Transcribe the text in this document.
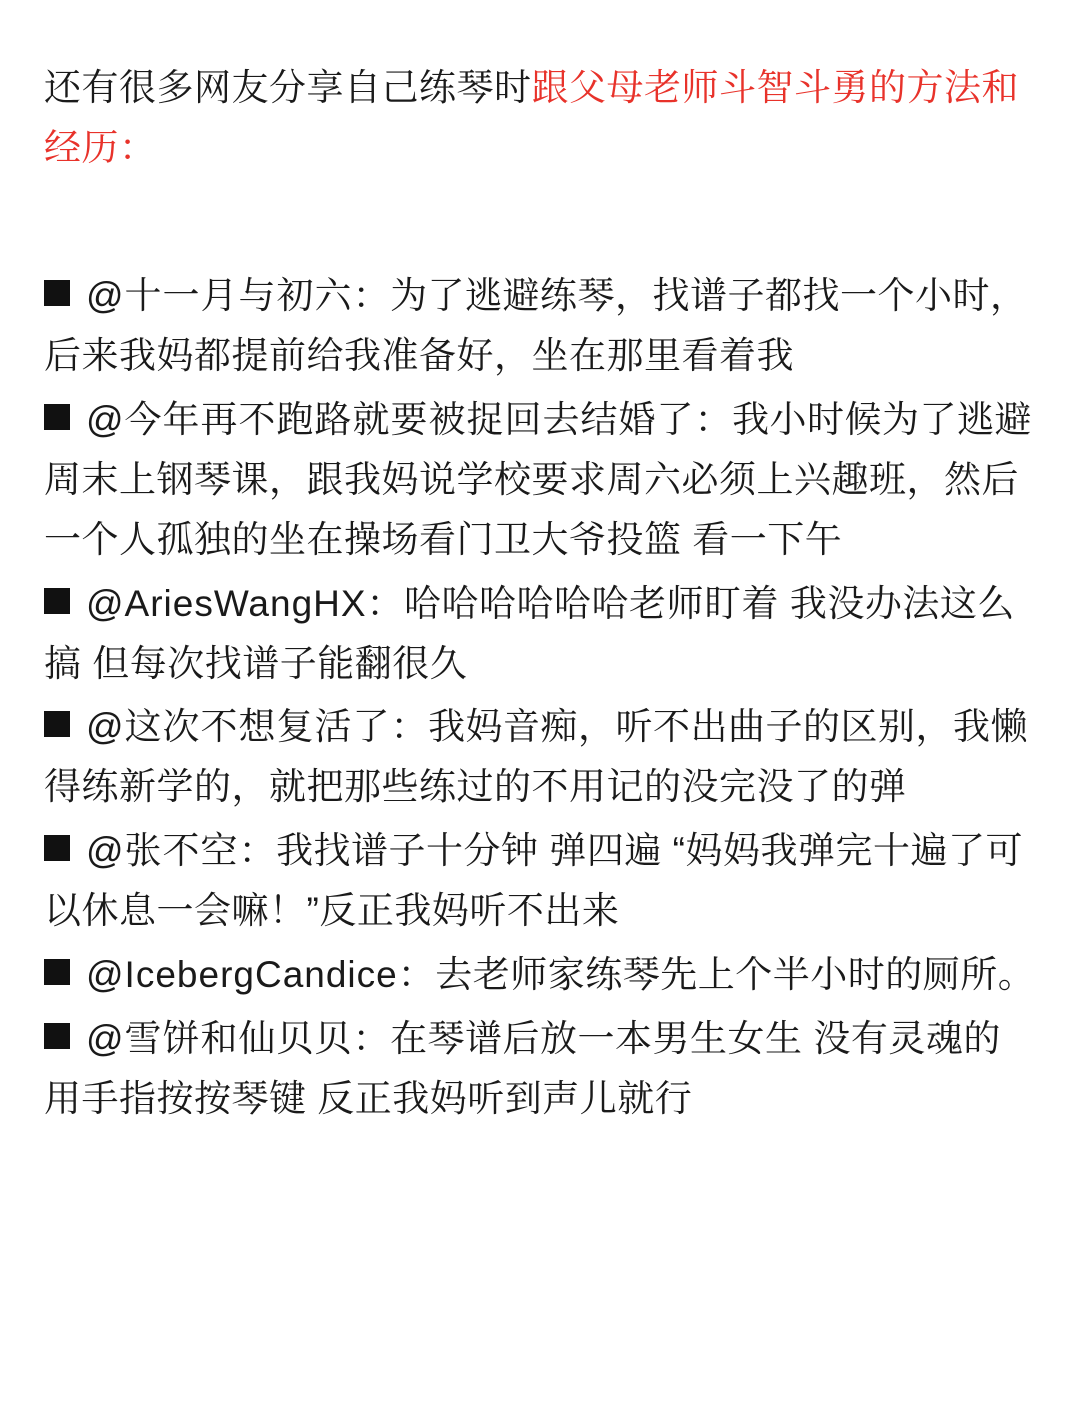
还有很多网友分享自己练琴时跟父母老师斗智斗勇的方法和经历：

@十一月与初六：为了逃避练琴，找谱子都找一个小时，后来我妈都提前给我准备好，坐在那里看着我

@今年再不跑路就要被捉回去结婚了：我小时候为了逃避周末上钢琴课，跟我妈说学校要求周六必须上兴趣班，然后一个人孤独的坐在操场看门卫大爷投篮 看一下午

@AriesWangHX：哈哈哈哈哈哈老师盯着 我没办法这么搞 但每次找谱子能翻很久

@这次不想复活了：我妈音痴，听不出曲子的区别，我懒得练新学的，就把那些练过的不用记的没完没了的弹

@张不空：我找谱子十分钟 弹四遍 “妈妈我弹完十遍了可以休息一会嘛！”反正我妈听不出来

@IcebergCandice：去老师家练琴先上个半小时的厕所。

@雪饼和仙贝贝：在琴谱后放一本男生女生 没有灵魂的用手指按按琴键 反正我妈听到声儿就行
